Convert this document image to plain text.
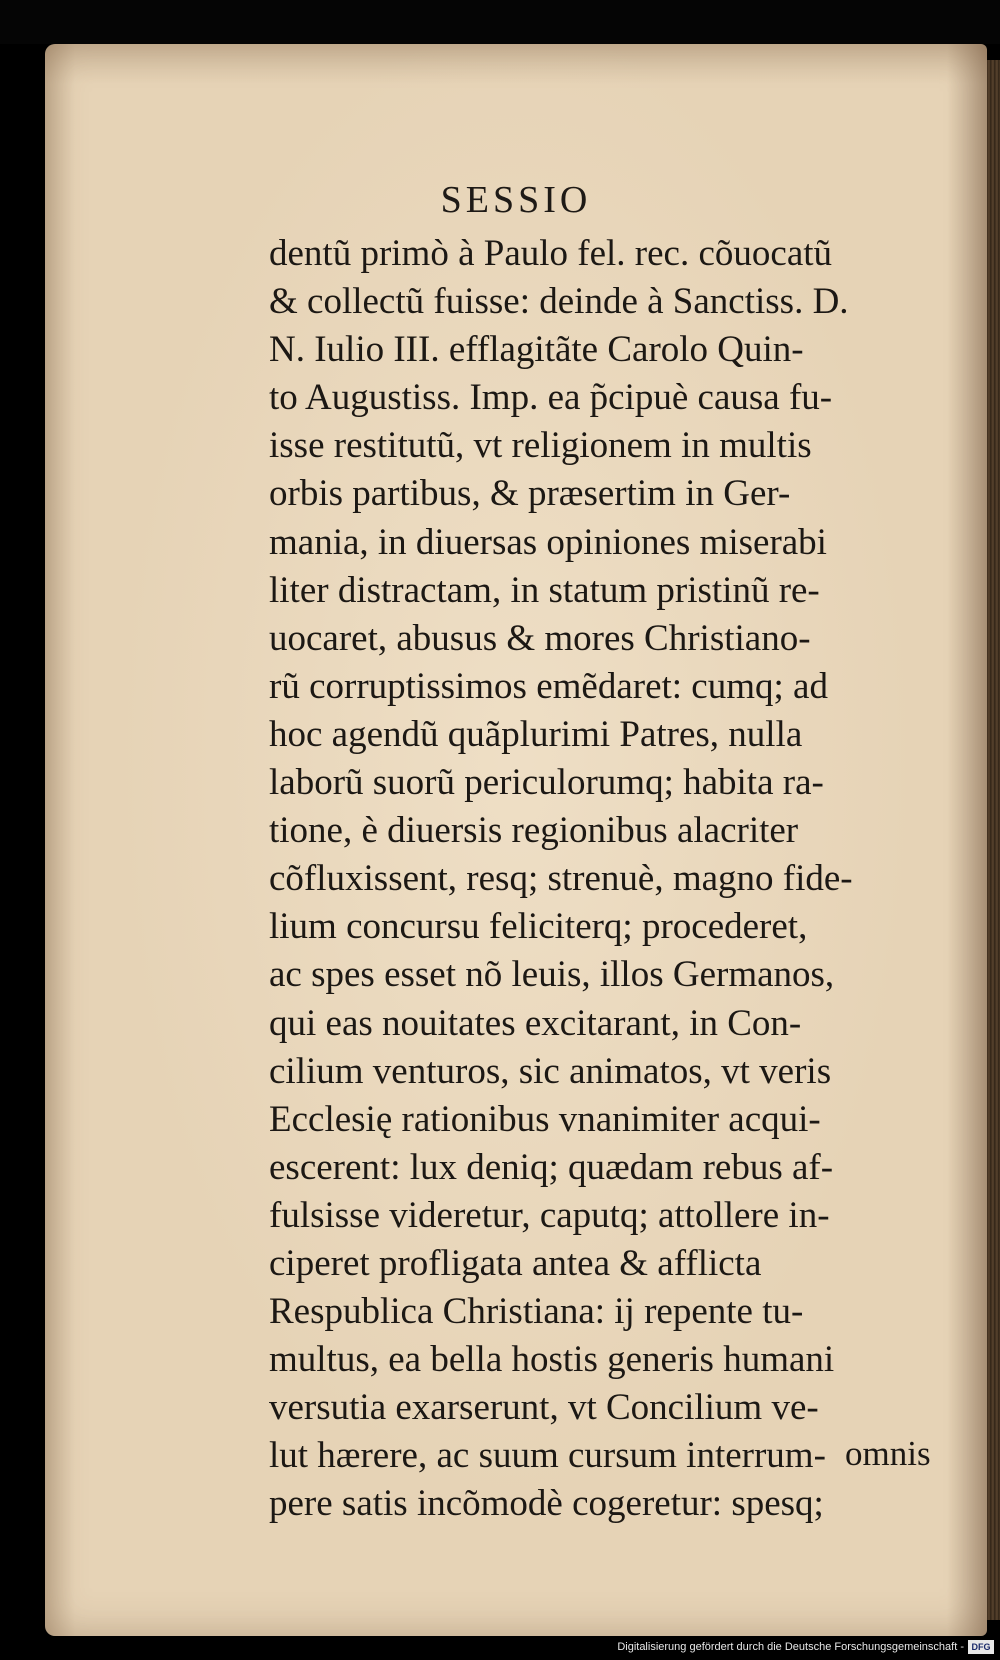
SESSIO
dentũ primò à Paulo fel. rec. cõuocatũ
& collectũ fuisse: deinde à Sanctiss. D.
N. Iulio III. efflagitãte Carolo Quin-
to Augustiss. Imp. ea p̃cipuè causa fu-
isse restitutũ, vt religionem in multis
orbis partibus, & præsertim in Ger-
mania, in diuersas opiniones miserabi
liter distractam, in statum pristinũ re-
uocaret, abusus & mores Christiano-
rũ corruptissimos emẽdaret: cumq; ad
hoc agendũ quãplurimi Patres, nulla
laborũ suorũ periculorumq; habita ra-
tione, è diuersis regionibus alacriter
cõfluxissent, resq; strenuè, magno fide-
lium concursu feliciterq; procederet,
ac spes esset nõ leuis, illos Germanos,
qui eas nouitates excitarant, in Con-
cilium venturos, sic animatos, vt veris
Ecclesię rationibus vnanimiter acqui-
escerent: lux deniq; quædam rebus af-
fulsisse videretur, caputq; attollere in-
ciperet profligata antea & afflicta
Respublica Christiana: ij repente tu-
multus, ea bella hostis generis humani
versutia exarserunt, vt Concilium ve-
lut hærere, ac suum cursum interrum-
pere satis incõmodè cogeretur: spesq;
omnis
Digitalisierung gefördert durch die Deutsche Forschungsgemeinschaft - DFG
